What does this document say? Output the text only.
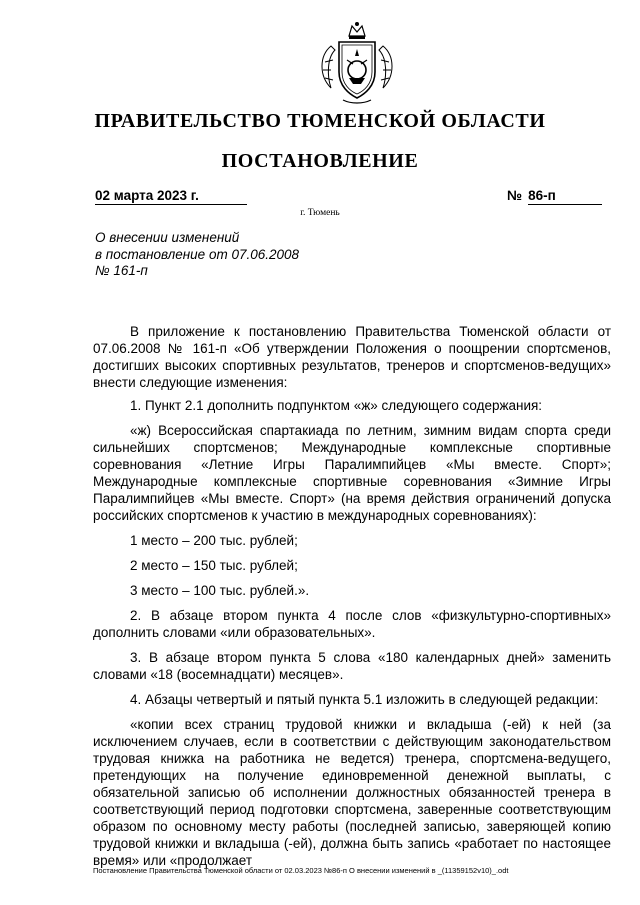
ПРАВИТЕЛЬСТВО ТЮМЕНСКОЙ ОБЛАСТИ
ПОСТАНОВЛЕНИЕ
02 марта 2023 г.	№ 86-п
г. Тюмень
О внесении изменений
в постановление от 07.06.2008
№ 161-п

В приложение к постановлению Правительства Тюменской области от 07.06.2008 № 161-п «Об утверждении Положения о поощрении спортсменов, достигших высоких спортивных результатов, тренеров и спортсменов-ведущих» внести следующие изменения:

1. Пункт 2.1 дополнить подпунктом «ж» следующего содержания:

«ж) Всероссийская спартакиада по летним, зимним видам спорта среди сильнейших спортсменов; Международные комплексные спортивные соревнования «Летние Игры Паралимпийцев «Мы вместе. Спорт»; Международные комплексные спортивные соревнования «Зимние Игры Паралимпийцев «Мы вместе. Спорт» (на время действия ограничений допуска российских спортсменов к участию в международных соревнованиях):

1 место – 200 тыс. рублей;

2 место – 150 тыс. рублей;

3 место – 100 тыс. рублей.».

2. В абзаце втором пункта 4 после слов «физкультурно-спортивных» дополнить словами «или образовательных».

3. В абзаце втором пункта 5 слова «180 календарных дней» заменить словами «18 (восемнадцати) месяцев».

4. Абзацы четвертый и пятый пункта 5.1 изложить в следующей редакции:

«копии всех страниц трудовой книжки и вкладыша (-ей) к ней (за исключением случаев, если в соответствии с действующим законодательством трудовая книжка на работника не ведется) тренера, спортсмена-ведущего, претендующих на получение единовременной денежной выплаты, с обязательной записью об исполнении должностных обязанностей тренера в соответствующий период подготовки спортсмена, заверенные соответствующим образом по основному месту работы (последней записью, заверяющей копию трудовой книжки и вкладыша (-ей), должна быть запись «работает по настоящее время» или «продолжает

Постановление Правительства Тюменской области от 02.03.2023 №86-п О внесении изменений в _(11359152v10)_.odt
